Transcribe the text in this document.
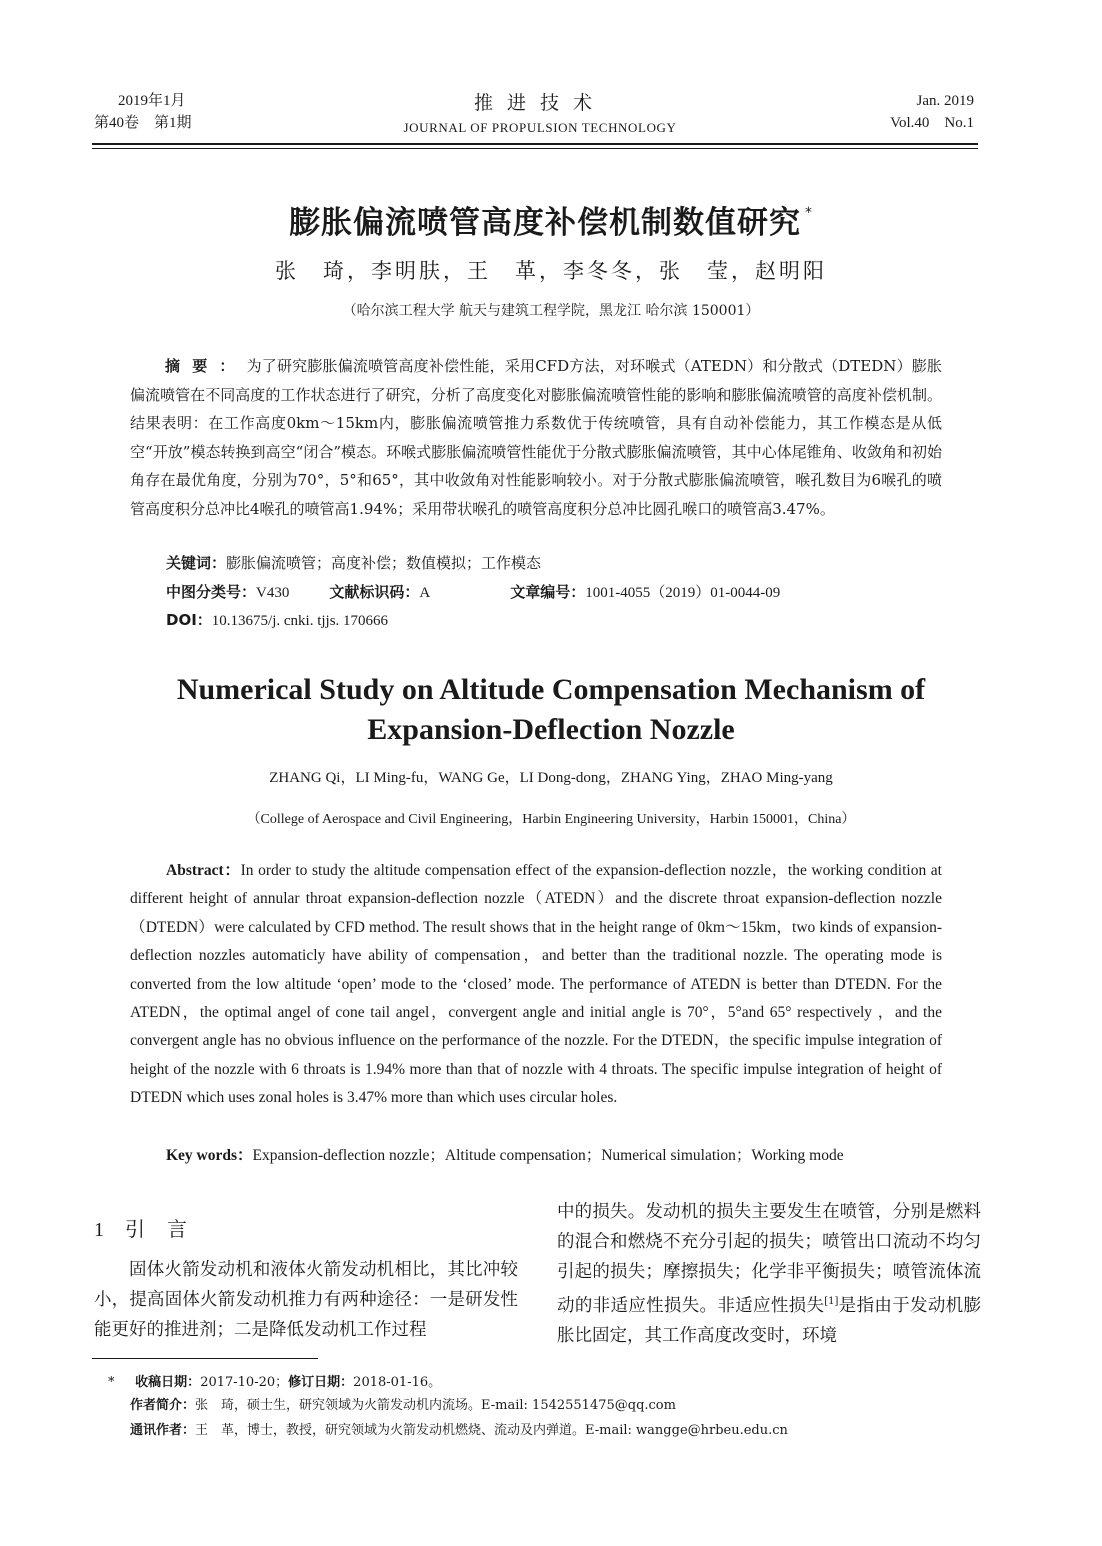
2019年1月
第40卷　第1期
推进技术
JOURNAL OF PROPULSION TECHNOLOGY
Jan. 2019
Vol.40　No.1
膨胀偏流喷管高度补偿机制数值研究 *
张　琦，李明肤，王　革，李冬冬，张　莹，赵明阳
（哈尔滨工程大学 航天与建筑工程学院，黑龙江 哈尔滨 150001）
摘要：为了研究膨胀偏流喷管高度补偿性能，采用CFD方法，对环喉式（ATEDN）和分散式（DTEDN）膨胀偏流喷管在不同高度的工作状态进行了研究，分析了高度变化对膨胀偏流喷管性能的影响和膨胀偏流喷管的高度补偿机制。结果表明：在工作高度0km～15km内，膨胀偏流喷管推力系数优于传统喷管，具有自动补偿能力，其工作模态是从低空“开放”模态转换到高空“闭合”模态。环喉式膨胀偏流喷管性能优于分散式膨胀偏流喷管，其中心体尾锥角、收敛角和初始角存在最优角度，分别为70°，5°和65°，其中收敛角对性能影响较小。对于分散式膨胀偏流喷管，喉孔数目为6喉孔的喷管高度积分总冲比4喉孔的喷管高1.94%；采用带状喉孔的喷管高度积分总冲比圆孔喉口的喷管高3.47%。
关键词：膨胀偏流喷管；高度补偿；数值模拟；工作模态
中图分类号：V430	文献标识码：A	文章编号：1001-4055（2019）01-0044-09
DOI：10.13675/j. cnki. tjjs. 170666
Numerical Study on Altitude Compensation Mechanism of
Expansion-Deflection Nozzle
ZHANG Qi，LI Ming-fu，WANG Ge，LI Dong-dong，ZHANG Ying，ZHAO Ming-yang
（College of Aerospace and Civil Engineering，Harbin Engineering University，Harbin 150001，China）
Abstract：In order to study the altitude compensation effect of the expansion-deflection nozzle，the working condition at different height of annular throat expansion-deflection nozzle（ATEDN）and the discrete throat expansion-deflection nozzle（DTEDN）were calculated by CFD method. The result shows that in the height range of 0km～15km，two kinds of expansion-deflection nozzles automaticly have ability of compensation，and better than the traditional nozzle. The operating mode is converted from the low altitude ‘open’ mode to the ‘closed’ mode. The performance of ATEDN is better than DTEDN. For the ATEDN，the optimal angel of cone tail angel，convergent angle and initial angle is 70°，5°and 65° respectively ，and the convergent angle has no obvious influence on the performance of the nozzle. For the DTEDN，the specific impulse integration of height of the nozzle with 6 throats is 1.94% more than that of nozzle with 4 throats. The specific impulse integration of height of DTEDN which uses zonal holes is 3.47% more than which uses circular holes.
Key words：Expansion-deflection nozzle；Altitude compensation；Numerical simulation；Working mode
1 引　言

固体火箭发动机和液体火箭发动机相比，其比冲较小，提高固体火箭发动机推力有两种途径：一是研发性能更好的推进剂；二是降低发动机工作过程

中的损失。发动机的损失主要发生在喷管，分别是燃料的混合和燃烧不充分引起的损失；喷管出口流动不均匀引起的损失；摩擦损失；化学非平衡损失；喷管流体流动的非适应性损失。非适应性损失[1]是指由于发动机膨胀比固定，其工作高度改变时，环境

* 收稿日期：2017-10-20；修订日期：2018-01-16。
作者简介：张　琦，硕士生，研究领域为火箭发动机内流场。E-mail: 1542551475@qq.com
通讯作者：王　革，博士，教授，研究领域为火箭发动机燃烧、流动及内弹道。E-mail: wangge@hrbeu.edu.cn
